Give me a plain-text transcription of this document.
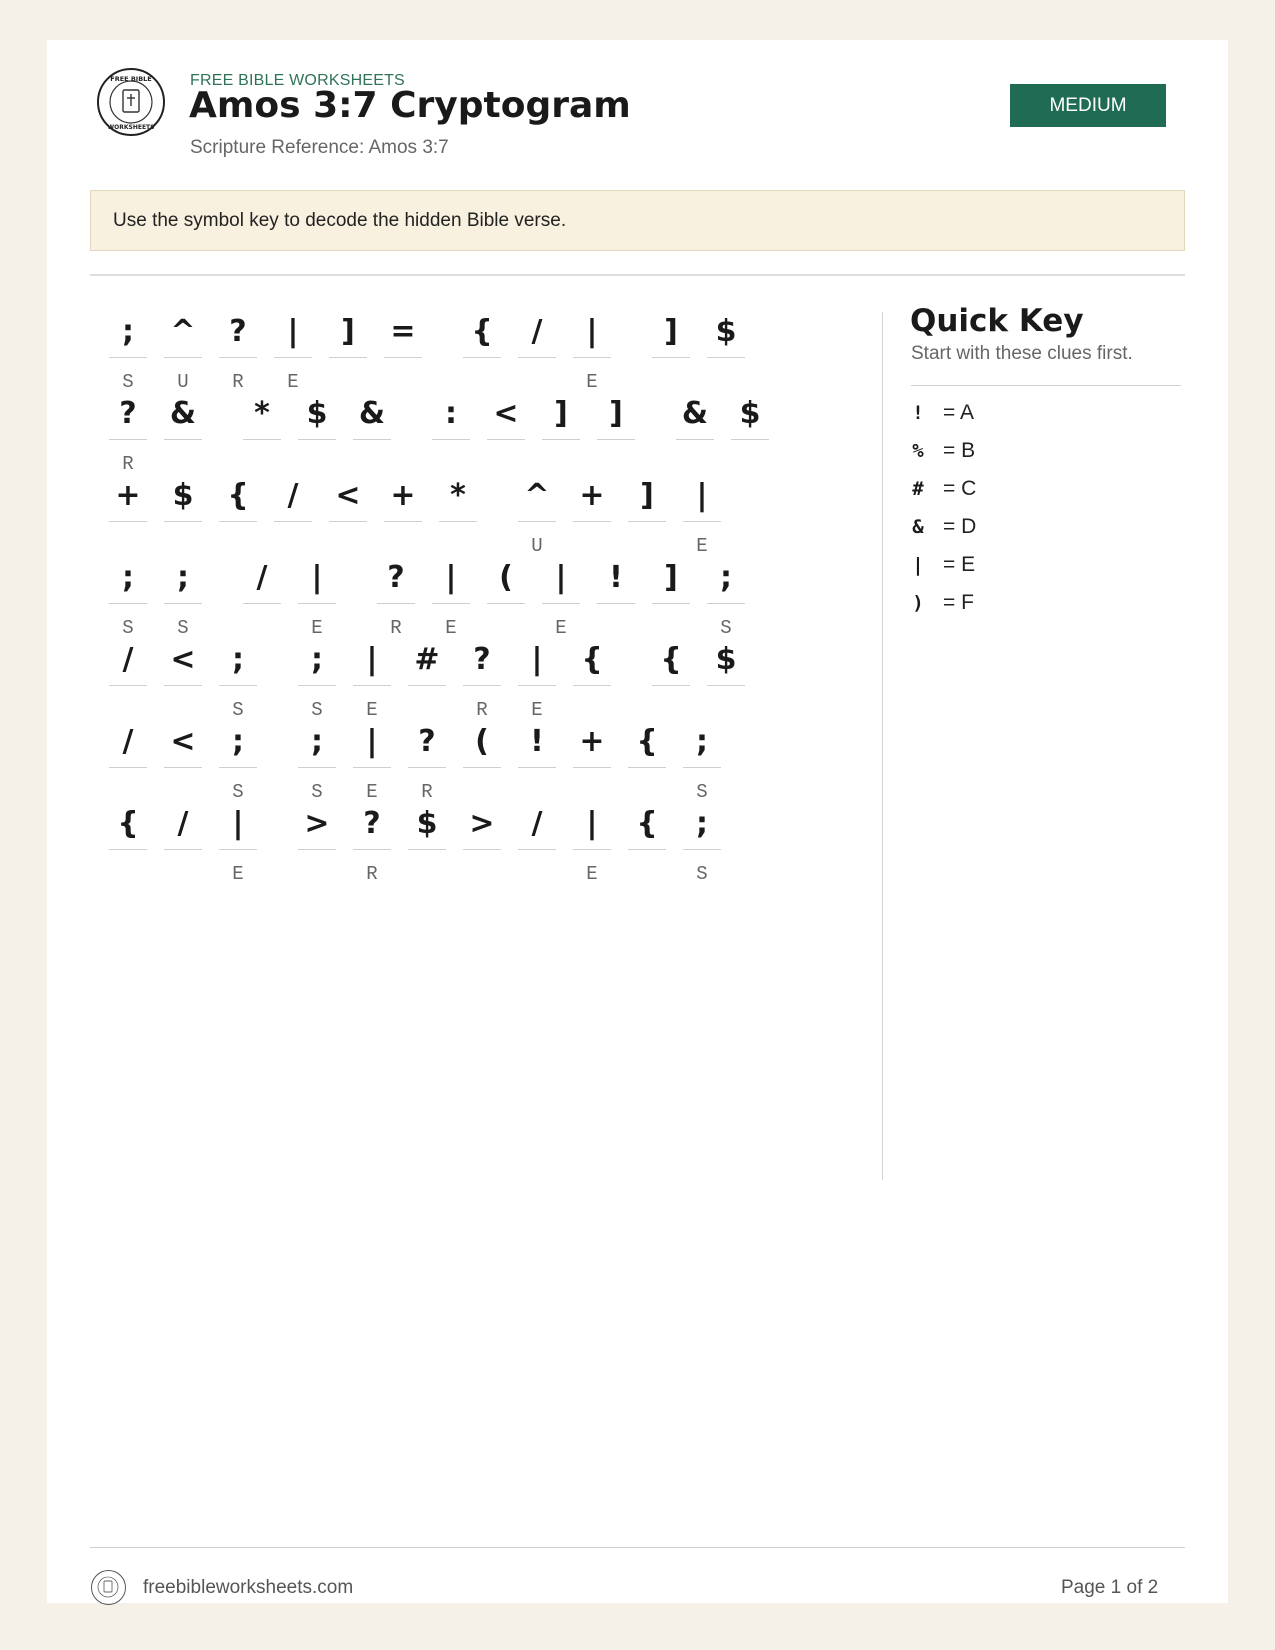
FREE BIBLE
WORKSHEETS
FREE BIBLE WORKSHEETS
Amos 3:7 Cryptogram
Scripture Reference: Amos 3:7
MEDIUM
Use the symbol key to decode the hidden Bible verse.
;
S
^
U
?
R
|
E
]	= {	/	|
E
]	$
?
R
&	*	$ &	:	<	]	]	& $
+ $ {	/	< +	*	^
U
+	]	|
E
;
S
;
S
/	|
E
?
R
|
E
(	|
E
!	]	;
S
/	<	;
S
;
S
|
E
#	?
R
|
E
{ { $
/	<	;
S
;
S
|
E
?
R
(	!	+ {	;
S
{	/	|
E
>	?
R
$ >	/	|
E
{	;
S
Quick Key
Start with these clues first.
! = A
% = B
# = C
& = D
| = E
) = F
freebibleworksheets.com	Page 1 of 2
